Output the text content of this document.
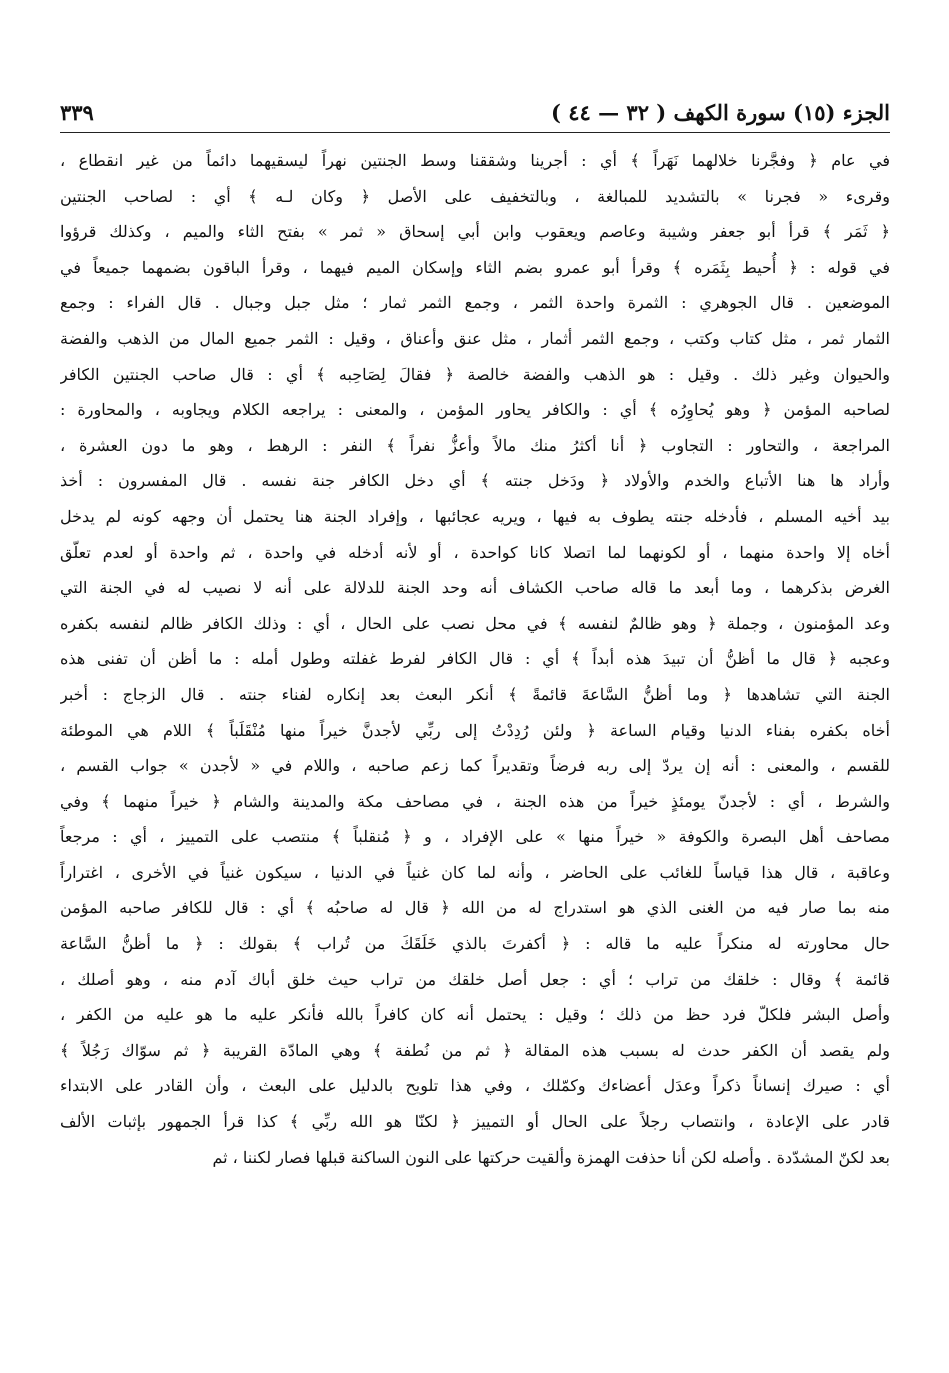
الجزء (١٥) سورة الكهف ( ٣٢ — ٤٤ )
٣٣٩
في عام ﴿ وفجَّرنا خلالهما نَهَراً ﴾ أي : أجرينا وشققنا وسط الجنتين نهراً ليسقيهما دائماً من غير انقطاع ،
وقرىء « فجرنا » بالتشديد للمبالغة ، وبالتخفيف على الأصل ﴿ وكان لـه ﴾ أي : لصاحب الجنتين
﴿ ثَمَر ﴾ قرأ أبو جعفر وشيبة وعاصم ويعقوب وابن أبي إسحاق « ثمر » بفتح الثاء والميم ، وكذلك قرؤوا
في قوله : ﴿ أُحيط بِثَمَره ﴾ وقرأ أبو عمرو بضم الثاء وإسكان الميم فيهما ، وقرأ الباقون بضمهما جميعاً في
الموضعين . قال الجوهري : الثمرة واحدة الثمر ، وجمع الثمر ثمار ؛ مثل جبل وجبال . قال الفراء : وجمع
الثمار ثمر ، مثل كتاب وكتب ، وجمع الثمر أثمار ، مثل عنق وأعناق ، وقيل : الثمر جميع المال من الذهب والفضة
والحيوان وغير ذلك . وقيل : هو الذهب والفضة خالصة ﴿ فقالَ لِصَاحِبه ﴾ أي : قال صاحب الجنتين الكافر
لصاحبه المؤمن ﴿ وهو يُحاوِرُه ﴾ أي : والكافر يحاور المؤمن ، والمعنى : يراجعه الكلام ويجاوبه ، والمحاورة :
المراجعة ، والتحاور : التجاوب ﴿ أنا أكثرُ منك مالاً وأعزُّ نفراً ﴾ النفر : الرهط ، وهو ما دون العشرة ،
وأراد ها هنا الأتباع والخدم والأولاد ﴿ ودَخل جنته ﴾ أي دخل الكافر جنة نفسه . قال المفسرون : أخذ
بيد أخيه المسلم ، فأدخله جنته يطوف به فيها ، ويريه عجائبها ، وإفراد الجنة هنا يحتمل أن وجهه كونه لم يدخل
أخاه إلا واحدة منهما ، أو لكونهما لما اتصلا كانا كواحدة ، أو لأنه أدخله في واحدة ، ثم واحدة أو لعدم تعلّق
الغرض بذكرهما ، وما أبعد ما قاله صاحب الكشاف أنه وحد الجنة للدلالة على أنه لا نصيب له في الجنة التي
وعد المؤمنون ، وجملة ﴿ وهو ظالمٌ لنفسه ﴾ في محل نصب على الحال ، أي : وذلك الكافر ظالم لنفسه بكفره
وعجبه ﴿ قال ما أظنُّ أن تبيدَ هذه أبداً ﴾ أي : قال الكافر لفرط غفلته وطول أمله : ما أظن أن تفنى هذه
الجنة التي تشاهدها ﴿ وما أظنُّ السَّاعةَ قائمةً ﴾ أنكر البعث بعد إنكاره لفناء جنته . قال الزجاج : أخبر
أخاه بكفره بفناء الدنيا وقيام الساعة ﴿ ولئن رُدِدْتُ إلى ربِّي لأجدنَّ خيراً منها مُنْقَلَباً ﴾ اللام هي الموطئة
للقسم ، والمعنى : أنه إن يردّ إلى ربه فرضاً وتقديراً كما زعم صاحبه ، واللام في « لأجدن » جواب القسم ،
والشرط ، أي : لأجدنّ يومئذٍ خيراً من هذه الجنة ، في مصاحف مكة والمدينة والشام ﴿ خيراً منهما ﴾ وفي
مصاحف أهل البصرة والكوفة « خيراً منها » على الإفراد ، و ﴿ مُنقلباً ﴾ منتصب على التمييز ، أي : مرجعاً
وعاقبة ، قال هذا قياساً للغائب على الحاضر ، وأنه لما كان غنياً في الدنيا ، سيكون غنياً في الأخرى ، اغتراراً
منه بما صار فيه من الغنى الذي هو استدراج له من الله ﴿ قال له صاحبُه ﴾ أي : قال للكافر صاحبه المؤمن
حال محاورته له منكراً عليه ما قاله : ﴿ أكفرتَ بالذي خَلَقَكَ من تُراب ﴾ بقولك : ﴿ ما أظنُّ السَّاعة
قائمة ﴾ وقال : خلقك من تراب ؛ أي : جعل أصل خلقك من تراب حيث خلق أباك آدم منه ، وهو أصلك ،
وأصل البشر فلكلّ فرد حظ من ذلك ؛ وقيل : يحتمل أنه كان كافراً بالله فأنكر عليه ما هو عليه من الكفر ،
ولم يقصد أن الكفر حدث له بسبب هذه المقالة ﴿ ثم من نُطفة ﴾ وهي المادّة القريبة ﴿ ثم سوّاك رَجُلاً ﴾
أي : صيرك إنساناً ذكراً وعدَل أعضاءك وكمّلك ، وفي هذا تلويح بالدليل على البعث ، وأن القادر على الابتداء
قادر على الإعادة ، وانتصاب رجلاً على الحال أو التمييز ﴿ لكنّا هو الله ربِّي ﴾ كذا قرأ الجمهور بإثبات الألف
بعد لكنّ المشدّدة . وأصله لكن أنا حذفت الهمزة وألقيت حركتها على النون الساكنة قبلها فصار لكننا ، ثم
